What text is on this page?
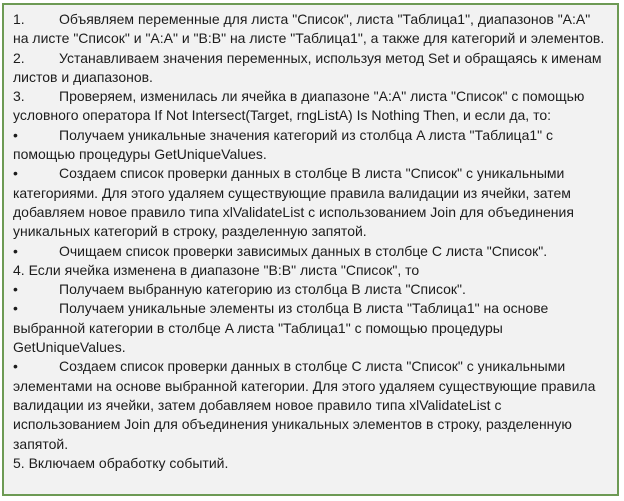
1. Объявляем переменные для листа "Список", листа "Таблица1", диапазонов "A:A" на листе "Список" и "A:A" и "B:B" на листе "Таблица1", а также для категорий и элементов.

2. Устанавливаем значения переменных, используя метод Set и обращаясь к именам листов и диапазонов.

3. Проверяем, изменилась ли ячейка в диапазоне "A:A" листа "Список" с помощью условного оператора If Not Intersect(Target, rngListA) Is Nothing Then, и если да, то:

•	Получаем уникальные значения категорий из столбца A листа "Таблица1" с помощью процедуры GetUniqueValues.

•	Создаем список проверки данных в столбце B листа "Список" с уникальными категориями. Для этого удаляем существующие правила валидации из ячейки, затем добавляем новое правило типа xlValidateList с использованием Join для объединения уникальных категорий в строку, разделенную запятой.

•	Очищаем список проверки зависимых данных в столбце C листа "Список".

4. Если ячейка изменена в диапазоне "B:B" листа "Список", то

•	Получаем выбранную категорию из столбца B листа "Список".

•	Получаем уникальные элементы из столбца B листа "Таблица1" на основе выбранной категории в столбце A листа "Таблица1" с помощью процедуры GetUniqueValues.

•	Создаем список проверки данных в столбце C листа "Список" с уникальными элементами на основе выбранной категории. Для этого удаляем существующие правила валидации из ячейки, затем добавляем новое правило типа xlValidateList с использованием Join для объединения уникальных элементов в строку, разделенную запятой.

5. Включаем обработку событий.
